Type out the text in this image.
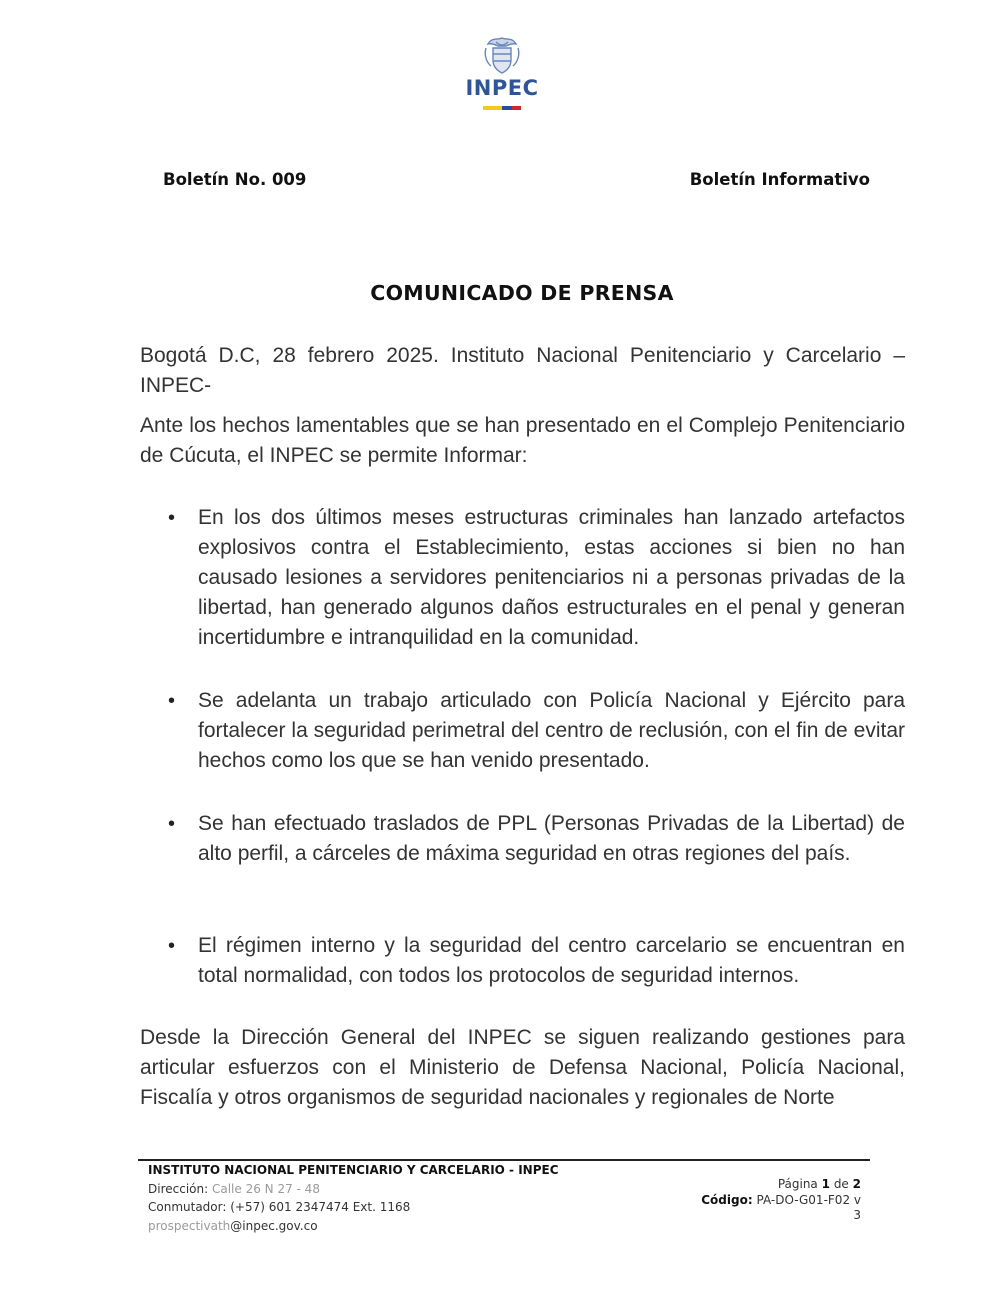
INPEC
Boletín No. 009	Boletín Informativo
COMUNICADO DE PRENSA
Bogotá D.C, 28 febrero 2025. Instituto Nacional Penitenciario y Carcelario – INPEC-
Ante los hechos lamentables que se han presentado en el Complejo Penitenciario de Cúcuta, el INPEC se permite Informar:
• En los dos últimos meses estructuras criminales han lanzado artefactos explosivos contra el Establecimiento, estas acciones si bien no han causado lesiones a servidores penitenciarios ni a personas privadas de la libertad, han generado algunos daños estructurales en el penal y generan incertidumbre e intranquilidad en la comunidad.
• Se adelanta un trabajo articulado con Policía Nacional y Ejército para fortalecer la seguridad perimetral del centro de reclusión, con el fin de evitar hechos como los que se han venido presentado.
• Se han efectuado traslados de PPL (Personas Privadas de la Libertad) de alto perfil, a cárceles de máxima seguridad en otras regiones del país.
• El régimen interno y la seguridad del centro carcelario se encuentran en total normalidad, con todos los protocolos de seguridad internos.
Desde la Dirección General del INPEC se siguen realizando gestiones para articular esfuerzos con el Ministerio de Defensa Nacional, Policía Nacional, Fiscalía y otros organismos de seguridad nacionales y regionales de Norte
INSTITUTO NACIONAL PENITENCIARIO Y CARCELARIO - INPEC
Dirección: Calle 26 N 27 - 48
Conmutador: (+57) 601 2347474 Ext. 1168
prospectivath@inpec.gov.co
Página 1 de 2
Código: PA-DO-G01-F02 v
3
